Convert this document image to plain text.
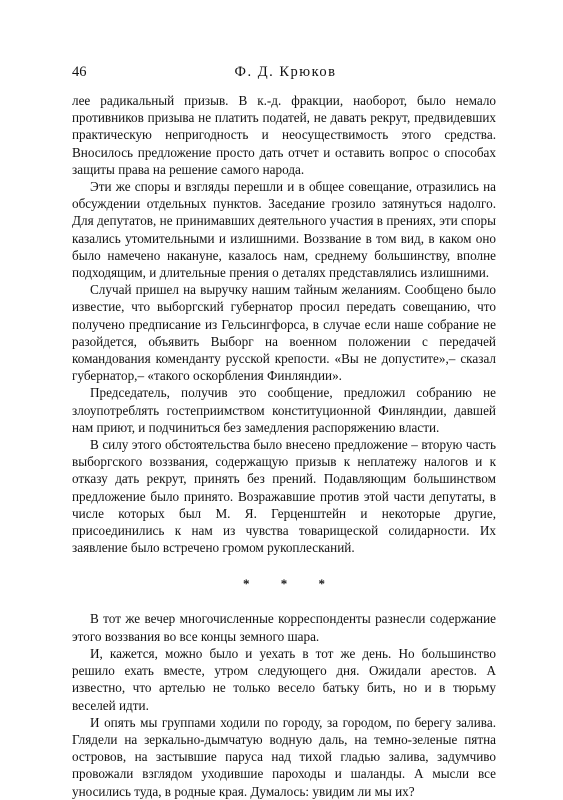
46	Ф. Д. Крюков

лее радикальный призыв. В к.-д. фракции, наоборот, было немало противников призыва не платить податей, не давать рекрут, предвидевших практическую непригодность и неосуществимость этого средства. Вносилось предложение просто дать отчет и оставить вопрос о способах защиты права на решение самого народа.

Эти же споры и взгляды перешли и в общее совещание, отразились на обсуждении отдельных пунктов. Заседание грозило затянуться надолго. Для депутатов, не принимавших деятельного участия в прениях, эти споры казались утомительными и излишними. Воззвание в том вид, в каком оно было намечено накануне, казалось нам, среднему большинству, вполне подходящим, и длительные прения о деталях представлялись излишними.

Случай пришел на выручку нашим тайным желаниям. Сообщено было известие, что выборгский губернатор просил передать совещанию, что получено предписание из Гельсингфорса, в случае если наше собрание не разойдется, объявить Выборг на военном положении с передачей командования коменданту русской крепости. «Вы не допустите»,– сказал губернатор,– «такого оскорбления Финляндии».

Председатель, получив это сообщение, предложил собранию не злоупотреблять гостеприимством конституционной Финляндии, давшей нам приют, и подчиниться без замедления распоряжению власти.

В силу этого обстоятельства было внесено предложение – вторую часть выборгского воззвания, содержащую призыв к неплатежу налогов и к отказу дать рекрут, принять без прений. Подавляющим большинством предложение было принято. Возражавшие против этой части депутаты, в числе которых был М. Я. Герценштейн и некоторые другие, присоединились к нам из чувства товарищеской солидарности. Их заявление было встречено громом рукоплесканий.

* * *

В тот же вечер многочисленные корреспонденты разнесли содержание этого воззвания во все концы земного шара.

И, кажется, можно было и уехать в тот же день. Но большинство решило ехать вместе, утром следующего дня. Ожидали арестов. А известно, что артелью не только весело батьку бить, но и в тюрьму веселей идти.

И опять мы группами ходили по городу, за городом, по берегу залива. Глядели на зеркально-дымчатую водную даль, на темно-зеленые пятна островов, на застывшие паруса над тихой гладью залива, задумчиво провожали взглядом уходившие пароходы и шаланды. А мысли все уносились туда, в родные края. Думалось: увидим ли мы их?
